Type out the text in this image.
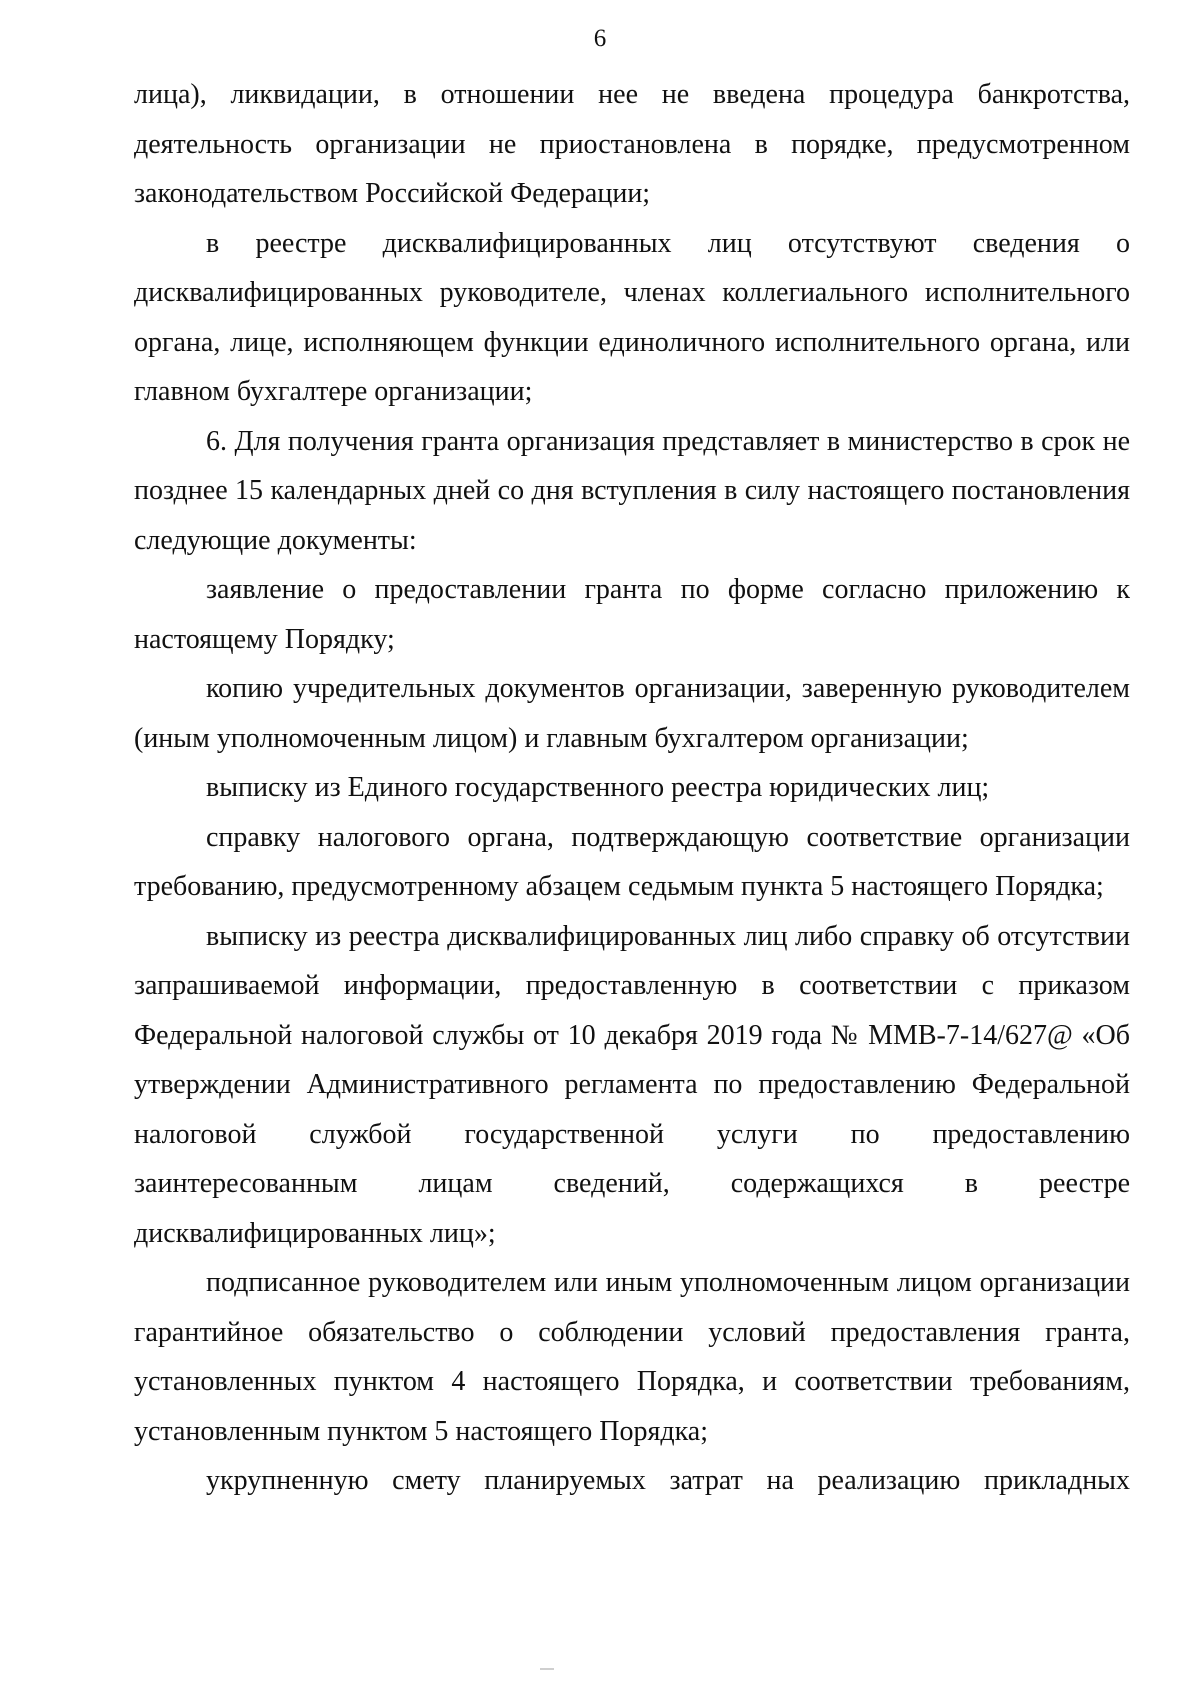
6

лица), ликвидации, в отношении нее не введена процедура банкротства, деятельность организации не приостановлена в порядке, предусмотренном законодательством Российской Федерации;

в реестре дисквалифицированных лиц отсутствуют сведения о дисквалифицированных руководителе, членах коллегиального исполнительного органа, лице, исполняющем функции единоличного исполнительного органа, или главном бухгалтере организации;

6. Для получения гранта организация представляет в министерство в срок не позднее 15 календарных дней со дня вступления в силу настоящего постановления следующие документы:

заявление о предоставлении гранта по форме согласно приложению к настоящему Порядку;

копию учредительных документов организации, заверенную руководителем (иным уполномоченным лицом) и главным бухгалтером организации;

выписку из Единого государственного реестра юридических лиц;

справку налогового органа, подтверждающую соответствие организации требованию, предусмотренному абзацем седьмым пункта 5 настоящего Порядка;

выписку из реестра дисквалифицированных лиц либо справку об отсутствии запрашиваемой информации, предоставленную в соответствии с приказом Федеральной налоговой службы от 10 декабря 2019 года № ММВ-7-14/627@ «Об утверждении Административного регламента по предоставлению Федеральной налоговой службой государственной услуги по предоставлению заинтересованным лицам сведений, содержащихся в реестре дисквалифицированных лиц»;

подписанное руководителем или иным уполномоченным лицом организации гарантийное обязательство о соблюдении условий предоставления гранта, установленных пунктом 4 настоящего Порядка, и соответствии требованиям, установленным пунктом 5 настоящего Порядка;

укрупненную смету планируемых затрат на реализацию прикладных
